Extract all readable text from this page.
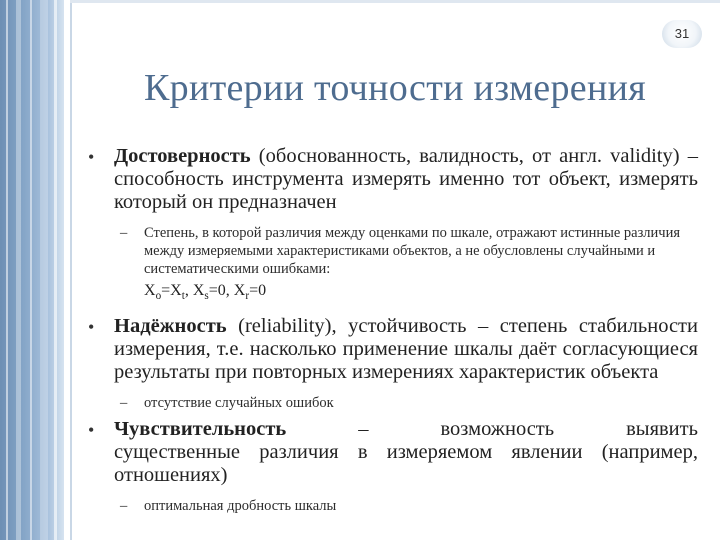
31
Критерии точности измерения
• Достоверность (обоснованность, валидность, от англ. validity) – способность инструмента измерять именно тот объект, измерять который он предназначен
– Степень, в которой различия между оценками по шкале, отражают истинные различия между измеряемыми характеристиками объектов, а не обусловлены случайными и систематическими ошибками:
$X_o=X_t$, $X_s=0$, $X_r=0$
• Надёжность (reliability), устойчивость – степень стабильности измерения, т.е. насколько применение шкалы даёт согласующиеся результаты при повторных измерениях характеристик объекта
– отсутствие случайных ошибок
• Чувствительность	–	возможность	выявить
существенные различия в измеряемом явлении (например, отношениях)
– оптимальная дробность шкалы
